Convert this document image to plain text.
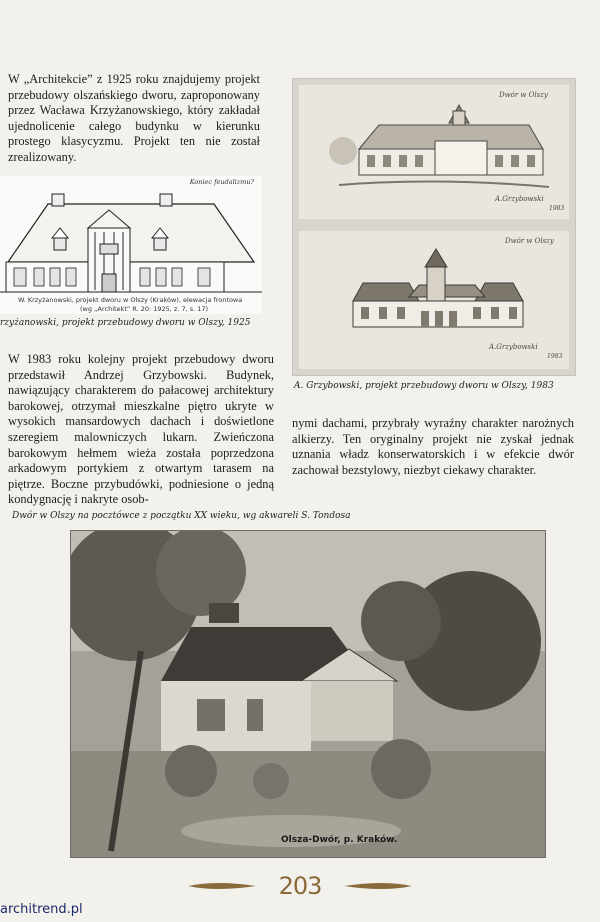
W „Architekcie” z 1925 roku znajdujemy projekt przebudowy olszańskiego dworu, zaproponowany przez Wacława Krzyżanowskiego, który zakładał ujednolicenie całego budynku w kierunku prostego klasycyzmu. Projekt ten nie został zrealizowany.

Koniec feudalizmu?
W. Krzyżanowski, projekt dworu w Olszy (Kraków), elewacja frontowa
(wg „Architekt” R. 20: 1925, z. 7, s. 17)
rzyżanowski, projekt przebudowy dworu w Olszy, 1925
Dwór w Olszy
A.Grzybowski
1983
Dwór w Olszy
A.Grzybowski
1983
A. Grzybowski, projekt przebudowy dworu w Olszy, 1983

W 1983 roku kolejny projekt przebudowy dworu przedstawił Andrzej Grzybowski. Budynek, nawiązujący charakterem do pałacowej architektury barokowej, otrzymał mieszkalne piętro ukryte w wysokich mansardowych dachach i doświetlone szeregiem malowniczych lukarn. Zwieńczona barokowym hełmem wieża została poprzedzona arkadowym portykiem z otwartym tarasem na piętrze. Boczne przybudówki, podniesione o jedną kondygnację i nakryte osob-

nymi dachami, przybrały wyraźny charakter narożnych alkierzy. Ten oryginalny projekt nie zyskał jednak uznania władz konserwatorskich i w efekcie dwór zachował bezstylowy, niezbyt ciekawy charakter.

Dwór w Olszy na pocztówce z początku XX wieku, wg akwareli S. Tondosa
Olsza-Dwór, p. Kraków.
203
architrend.pl
